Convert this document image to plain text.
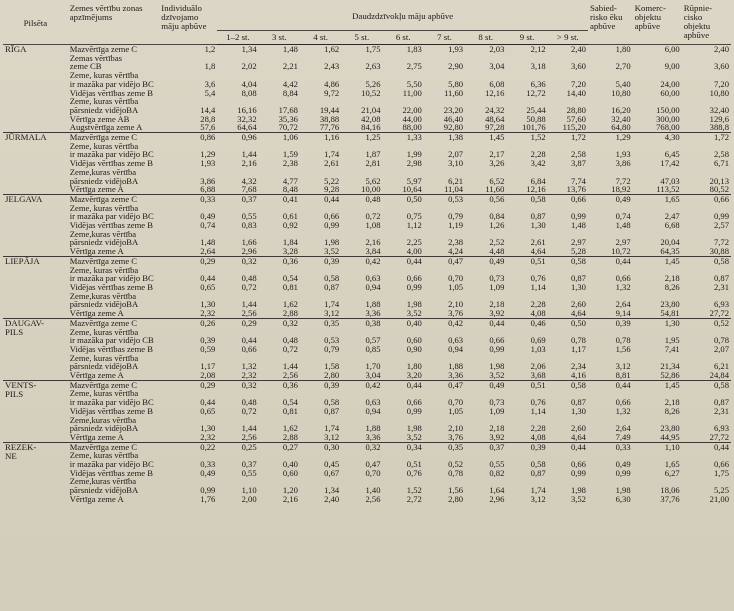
Pilsēta	Zemes vērtību zonas apzīmējums	Individuālo dzīvojamo māju apbūve	Daudzdzīvokļu māju apbūve									Sabied-risko ēku apbūve	Komerc-objektu apbūve	Rūpnie-cisko objektu apbūve
			1–2 st.	3 st.	4 st.	5 st.	6 st.	7 st.	8 st.	9 st.	> 9 st.			
RĪGA	Mazvērtīga zeme C	1,2	1,34	1,48	1,62	1,75	1,83	1,93	2,03	2,12	2,40	1,80	6,00	2,40
	Zemas vērtības
zeme CB	1,8	2,02	2,21	2,43	2,63	2,75	2,90	3,04	3,18	3,60	2,70	9,00	3,60
	Zeme, kuras vērtība
ir mazāka par vidējo BC	3,6	4,04	4,42	4,86	5,26	5,50	5,80	6,08	6,36	7,20	5,40	24,00	7,20
	Vidējas vērtības zeme B	5,4	8,08	8,84	9,72	10,52	11,00	11,60	12,16	12,72	14,40	10,80	60,00	10,80
	Zeme, kuras vērtība
pārsniedz vidējoBA	14,4	16,16	17,68	19,44	21,04	22,00	23,20	24,32	25,44	28,80	16,20	150,00	32,40
	Vērtīga zeme AB	28,8	32,32	35,36	38,88	42,08	44,00	46,40	48,64	50,88	57,60	32,40	300,00	129,6
	Augstvērtīga zeme A	57,6	64,64	70,72	77,76	84,16	88,00	92,80	97,28	101,76	115,20	64,80	768,00	388,8
JŪRMALA	Mazvērtīga zeme C	0,86	0,96	1,06	1,16	1,25	1,33	1,38	1,45	1,52	1,72	1,29	4,30	1,72
	Zeme, kuras vērtība
ir mazāka par vidējo BC	1,29	1,44	1,59	1,74	1,87	1,99	2,07	2,17	2,28	2,58	1,93	6,45	2,58
	Vidējas vērtības zeme B	1,93	2,16	2,38	2,61	2,81	2,98	3,10	3,26	3,42	3,87	3,86	17,42	6,71
	Zeme,kuras vērtība
pārsniedz vidējoBA	3,86	4,32	4,77	5,22	5,62	5,97	6,21	6,52	6,84	7,74	7,72	47,03	20,13
	Vērtīga zeme A	6,88	7,68	8,48	9,28	10,00	10,64	11,04	11,60	12,16	13,76	18,92	113,52	80,52
JELGAVA	Mazvērtīga zeme C	0,33	0,37	0,41	0,44	0,48	0,50	0,53	0,56	0,58	0,66	0,49	1,65	0,66
	Zeme, kuras vērtība
ir mazāka par vidējo BC	0,49	0,55	0,61	0,66	0,72	0,75	0,79	0,84	0,87	0,99	0,74	2,47	0,99
	Vidējas vērtības zeme B	0,74	0,83	0,92	0,99	1,08	1,12	1,19	1,26	1,30	1,48	1,48	6,68	2,57
	Zeme,kuras vērtība
pārsniedz vidējoBA	1,48	1,66	1,84	1,98	2,16	2,25	2,38	2,52	2,61	2,97	2,97	20,04	7,72
	Vērtīga zeme A	2,64	2,96	3,28	3,52	3,84	4,00	4,24	4,48	4,64	5,28	10,72	64,35	30,88
LIEPĀJA	Mazvērtīga zeme C	0,29	0,32	0,36	0,39	0,42	0,44	0,47	0,49	0,51	0,58	0,44	1,45	0,58
	Zeme, kuras vērtība
ir mazāka par vidējo BC	0,44	0,48	0,54	0,58	0,63	0,66	0,70	0,73	0,76	0,87	0,66	2,18	0,87
	Vidējas vērtības zeme B	0,65	0,72	0,81	0,87	0,94	0,99	1,05	1,09	1,14	1,30	1,32	8,26	2,31
	Zeme,kuras vērtība
pārsniedz vidējoBA	1,30	1,44	1,62	1,74	1,88	1,98	2,10	2,18	2,28	2,60	2,64	23,80	6,93
	Vērtīga zeme A	2,32	2,56	2,88	3,12	3,36	3,52	3,76	3,92	4,08	4,64	9,14	54,81	27,72
DAUGAV-
PILS	Mazvērtīga zeme C	0,26	0,29	0,32	0,35	0,38	0,40	0,42	0,44	0,46	0,50	0,39	1,30	0,52
	Zeme, kuras vērtība
ir mazāka par vidējo CB	0,39	0,44	0,48	0,53	0,57	0,60	0,63	0,66	0,69	0,78	0,78	1,95	0,78
	Vidējas vērtības zeme B	0,59	0,66	0,72	0,79	0,85	0,90	0,94	0,99	1,03	1,17	1,56	7,41	2,07
	Zeme, kuras vērtība
pārsniedz vidējoBA	1,17	1,32	1,44	1,58	1,70	1,80	1,88	1,98	2,06	2,34	3,12	21,34	6,21
	Vērtīga zeme A	2,08	2,32	2,56	2,80	3,04	3,20	3,36	3,52	3,68	4,16	8,81	52,86	24,84
VENTS-
PILS	Mazvērtīga zeme C	0,29	0,32	0,36	0,39	0,42	0,44	0,47	0,49	0,51	0,58	0,44	1,45	0,58
	Zeme, kuras vērtība
ir mazāka par vidējo BC	0,44	0,48	0,54	0,58	0,63	0,66	0,70	0,73	0,76	0,87	0,66	2,18	0,87
	Vidējas vērtības zeme B	0,65	0,72	0,81	0,87	0,94	0,99	1,05	1,09	1,14	1,30	1,32	8,26	2,31
	Zeme,kuras vērtība
pārsniedz vidējoBA	1,30	1,44	1,62	1,74	1,88	1,98	2,10	2,18	2,28	2,60	2,64	23,80	6,93
	Vērtīga zeme A	2,32	2,56	2,88	3,12	3,36	3,52	3,76	3,92	4,08	4,64	7,49	44,95	27,72
REZEK-
NE	Mazvērtīga zeme C	0,22	0,25	0,27	0,30	0,32	0,34	0,35	0,37	0,39	0,44	0,33	1,10	0,44
	Zeme, kuras vērtība
ir mazāka par vidējo BC	0,33	0,37	0,40	0,45	0,47	0,51	0,52	0,55	0,58	0,66	0,49	1,65	0,66
	Vidējas vērtības zeme B	0,49	0,55	0,60	0,67	0,70	0,76	0,78	0,82	0,87	0,99	0,99	6,27	1,75
	Zeme,kuras vērtība
pārsniedz vidējoBA	0,99	1,10	1,20	1,34	1,40	1,52	1,56	1,64	1,74	1,98	1,98	18,06	5,25
	Vērtīga zeme A	1,76	2,00	2,16	2,40	2,56	2,72	2,80	2,96	3,12	3,52	6,30	37,76	21,00
